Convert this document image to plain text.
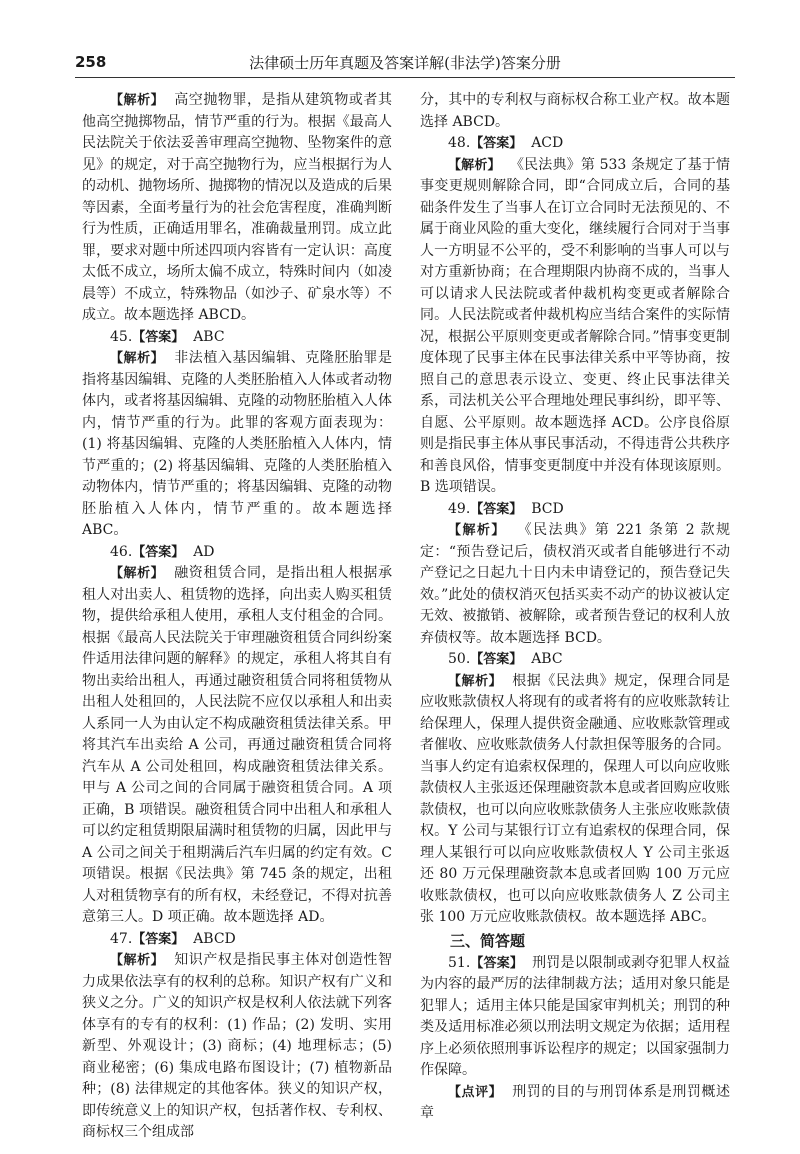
258	法律硕士历年真题及答案详解(非法学)答案分册

【解析】 高空抛物罪，是指从建筑物或者其他高空抛掷物品，情节严重的行为。根据《最高人民法院关于依法妥善审理高空抛物、坠物案件的意见》的规定，对于高空抛物行为，应当根据行为人的动机、抛物场所、抛掷物的情况以及造成的后果等因素，全面考量行为的社会危害程度，准确判断行为性质，正确适用罪名，准确裁量刑罚。成立此罪，要求对题中所述四项内容皆有一定认识：高度太低不成立，场所太偏不成立，特殊时间内（如凌晨等）不成立，特殊物品（如沙子、矿泉水等）不成立。故本题选择 ABCD。

45.【答案】 ABC

【解析】 非法植入基因编辑、克隆胚胎罪是指将基因编辑、克隆的人类胚胎植入人体或者动物体内，或者将基因编辑、克隆的动物胚胎植入人体内，情节严重的行为。此罪的客观方面表现为：(1) 将基因编辑、克隆的人类胚胎植入人体内，情节严重的；(2) 将基因编辑、克隆的人类胚胎植入动物体内，情节严重的；将基因编辑、克隆的动物胚胎植入人体内，情节严重的。故本题选择 ABC。

46.【答案】 AD

【解析】 融资租赁合同，是指出租人根据承租人对出卖人、租赁物的选择，向出卖人购买租赁物，提供给承租人使用，承租人支付租金的合同。根据《最高人民法院关于审理融资租赁合同纠纷案件适用法律问题的解释》的规定，承租人将其自有物出卖给出租人，再通过融资租赁合同将租赁物从出租人处租回的，人民法院不应仅以承租人和出卖人系同一人为由认定不构成融资租赁法律关系。甲将其汽车出卖给 A 公司，再通过融资租赁合同将汽车从 A 公司处租回，构成融资租赁法律关系。甲与 A 公司之间的合同属于融资租赁合同。A 项正确，B 项错误。融资租赁合同中出租人和承租人可以约定租赁期限届满时租赁物的归属，因此甲与 A 公司之间关于租期满后汽车归属的约定有效。C 项错误。根据《民法典》第 745 条的规定，出租人对租赁物享有的所有权，未经登记，不得对抗善意第三人。D 项正确。故本题选择 AD。

47.【答案】 ABCD

【解析】 知识产权是指民事主体对创造性智力成果依法享有的权利的总称。知识产权有广义和狭义之分。广义的知识产权是权利人依法就下列客体享有的专有的权利：(1) 作品；(2) 发明、实用新型、外观设计；(3) 商标；(4) 地理标志；(5) 商业秘密；(6) 集成电路布图设计；(7) 植物新品种；(8) 法律规定的其他客体。狭义的知识产权，即传统意义上的知识产权，包括著作权、专利权、商标权三个组成部

分，其中的专利权与商标权合称工业产权。故本题选择 ABCD。

48.【答案】 ACD

【解析】 《民法典》第 533 条规定了基于情事变更规则解除合同，即“合同成立后，合同的基础条件发生了当事人在订立合同时无法预见的、不属于商业风险的重大变化，继续履行合同对于当事人一方明显不公平的，受不利影响的当事人可以与对方重新协商；在合理期限内协商不成的，当事人可以请求人民法院或者仲裁机构变更或者解除合同。人民法院或者仲裁机构应当结合案件的实际情况，根据公平原则变更或者解除合同。”情事变更制度体现了民事主体在民事法律关系中平等协商，按照自己的意思表示设立、变更、终止民事法律关系，司法机关公平合理地处理民事纠纷，即平等、自愿、公平原则。故本题选择 ACD。公序良俗原则是指民事主体从事民事活动，不得违背公共秩序和善良风俗，情事变更制度中并没有体现该原则。B 选项错误。

49.【答案】 BCD

【解析】 《民法典》第 221 条第 2 款规定：“预告登记后，债权消灭或者自能够进行不动产登记之日起九十日内未申请登记的，预告登记失效。”此处的债权消灭包括买卖不动产的协议被认定无效、被撤销、被解除，或者预告登记的权利人放弃债权等。故本题选择 BCD。

50.【答案】 ABC

【解析】 根据《民法典》规定，保理合同是应收账款债权人将现有的或者将有的应收账款转让给保理人，保理人提供资金融通、应收账款管理或者催收、应收账款债务人付款担保等服务的合同。当事人约定有追索权保理的，保理人可以向应收账款债权人主张返还保理融资款本息或者回购应收账款债权，也可以向应收账款债务人主张应收账款债权。Y 公司与某银行订立有追索权的保理合同，保理人某银行可以向应收账款债权人 Y 公司主张返还 80 万元保理融资款本息或者回购 100 万元应收账款债权，也可以向应收账款债务人 Z 公司主张 100 万元应收账款债权。故本题选择 ABC。

三、简答题

51.【答案】 刑罚是以限制或剥夺犯罪人权益为内容的最严厉的法律制裁方法；适用对象只能是犯罪人；适用主体只能是国家审判机关；刑罚的种类及适用标准必须以刑法明文规定为依据；适用程序上必须依照刑事诉讼程序的规定；以国家强制力作保障。

【点评】 刑罚的目的与刑罚体系是刑罚概述章
